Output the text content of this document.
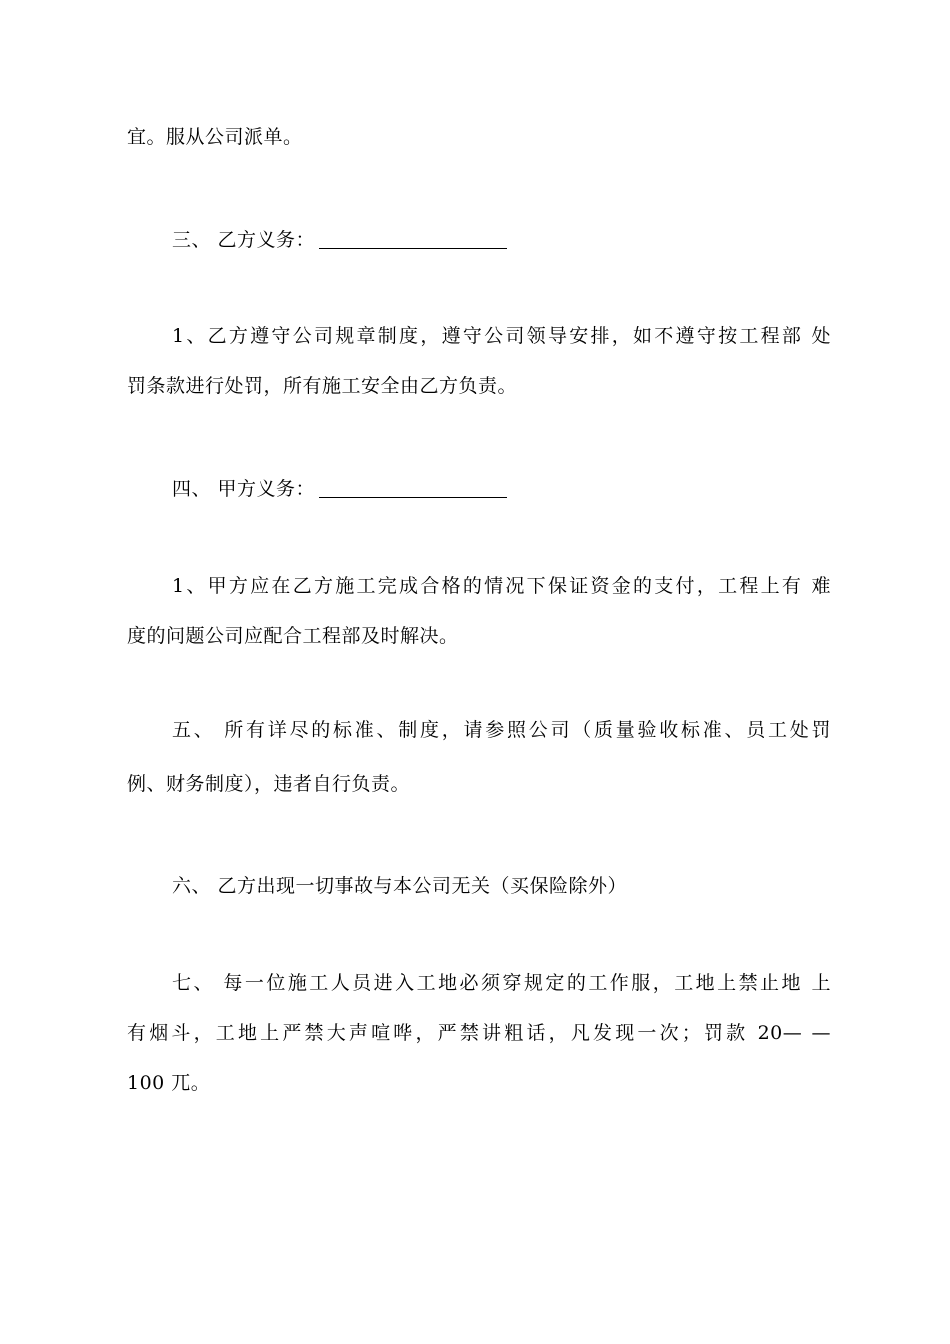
宜。服从公司派单。
三、 乙方义务：
1、乙方遵守公司规章制度，遵守公司领导安排，如不遵守按工程部 处
罚条款进行处罚，所有施工安全由乙方负责。
四、 甲方义务：
1、甲方应在乙方施工完成合格的情况下保证资金的支付，工程上有 难
度的问题公司应配合工程部及时解决。
五、 所有详尽的标准、制度，请参照公司（质量验收标准、员工处罚
例、财务制度），违者自行负责。
六、 乙方出现一切事故与本公司无关（买保险除外）
七、 每一位施工人员进入工地必须穿规定的工作服，工地上禁止地 上
有烟斗，工地上严禁大声喧哗，严禁讲粗话，凡发现一次；罚款 20— —
100 兀。
